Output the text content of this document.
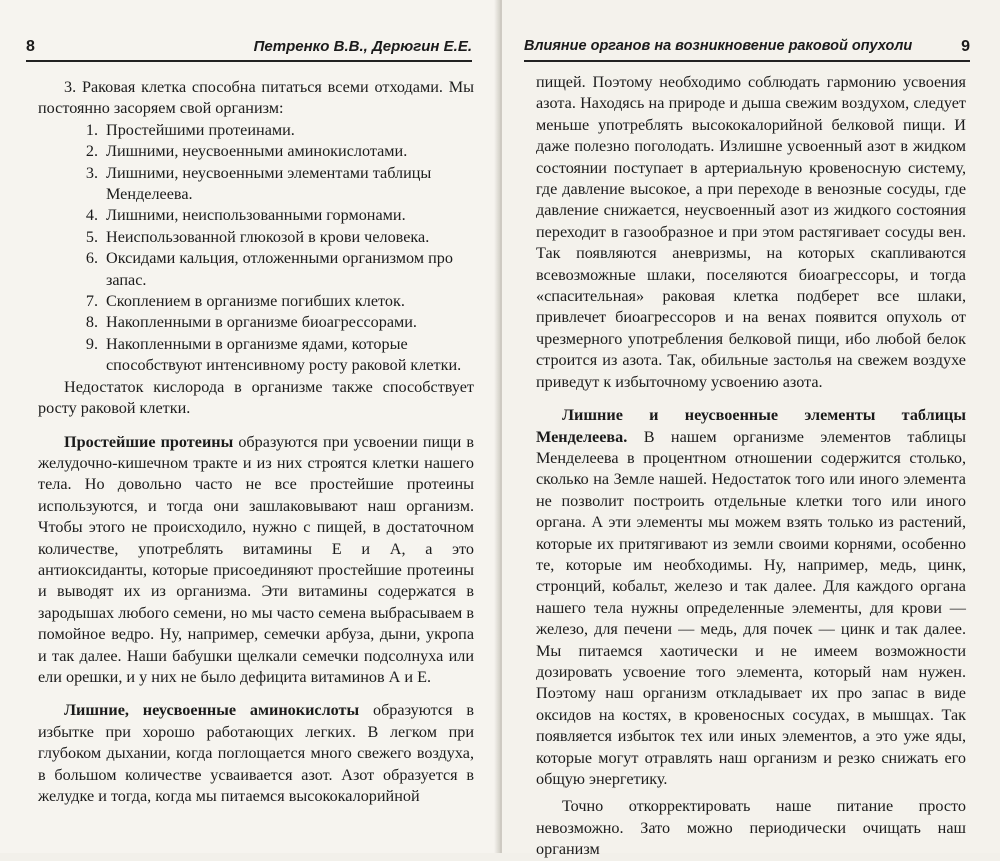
8	Петренко В.В., Дерюгин Е.Е.

3. Раковая клетка способна питаться всеми отходами. Мы постоянно засоряем свой организм:

1. Простейшими протеинами.
2. Лишними, неусвоенными аминокислотами.
3. Лишними, неусвоенными элементами таблицы Менделеева.
4. Лишними, неиспользованными гормонами.
5. Неиспользованной глюкозой в крови человека.
6. Оксидами кальция, отложенными организмом про запас.
7. Скоплением в организме погибших клеток.
8. Накопленными в организме биоагрессорами.
9. Накопленными в организме ядами, которые способствуют интенсивному росту раковой клетки.

Недостаток кислорода в организме также способствует росту раковой клетки.

Простейшие протеины образуются при усвоении пищи в желудочно-кишечном тракте и из них строятся клетки нашего тела. Но довольно часто не все простейшие протеины используются, и тогда они зашлаковывают наш организм. Чтобы этого не происходило, нужно с пищей, в достаточном количестве, употреблять витамины Е и А, а это антиоксиданты, которые присоединяют простейшие протеины и выводят их из организма. Эти витамины содержатся в зародышах любого семени, но мы часто семена выбрасываем в помойное ведро. Ну, например, семечки арбуза, дыни, укропа и так далее. Наши бабушки щелкали семечки подсолнуха или ели орешки, и у них не было дефицита витаминов А и Е.

Лишние, неусвоенные аминокислоты образуются в избытке при хорошо работающих легких. В легком при глубоком дыхании, когда поглощается много свежего воздуха, в большом количестве усваивается азот. Азот образуется в желудке и тогда, когда мы питаемся высококалорийной

Влияние органов на возникновение раковой опухоли	9

пищей. Поэтому необходимо соблюдать гармонию усвоения азота. Находясь на природе и дыша свежим воздухом, следует меньше употреблять высококалорийной белковой пищи. И даже полезно поголодать. Излишне усвоенный азот в жидком состоянии поступает в артериальную кровеносную систему, где давление высокое, а при переходе в венозные сосуды, где давление снижается, неусвоенный азот из жидкого состояния переходит в газообразное и при этом растягивает сосуды вен. Так появляются аневризмы, на которых скапливаются всевозможные шлаки, поселяются биоагрессоры, и тогда «спасительная» раковая клетка подберет все шлаки, привлечет биоагрессоров и на венах появится опухоль от чрезмерного употребления белковой пищи, ибо любой белок строится из азота. Так, обильные застолья на свежем воздухе приведут к избыточному усвоению азота.

Лишние и неусвоенные элементы таблицы Менделеева. В нашем организме элементов таблицы Менделеева в процентном отношении содержится столько, сколько на Земле нашей. Недостаток того или иного элемента не позволит построить отдельные клетки того или иного органа. А эти элементы мы можем взять только из растений, которые их притягивают из земли своими корнями, особенно те, которые им необходимы. Ну, например, медь, цинк, стронций, кобальт, железо и так далее. Для каждого органа нашего тела нужны определенные элементы, для крови — железо, для печени — медь, для почек — цинк и так далее. Мы питаемся хаотически и не имеем возможности дозировать усвоение того элемента, который нам нужен. Поэтому наш организм откладывает их про запас в виде оксидов на костях, в кровеносных сосудах, в мышцах. Так появляется избыток тех или иных элементов, а это уже яды, которые могут отравлять наш организм и резко снижать его общую энергетику.

Точно откорректировать наше питание просто невозможно. Зато можно периодически очищать наш организм
